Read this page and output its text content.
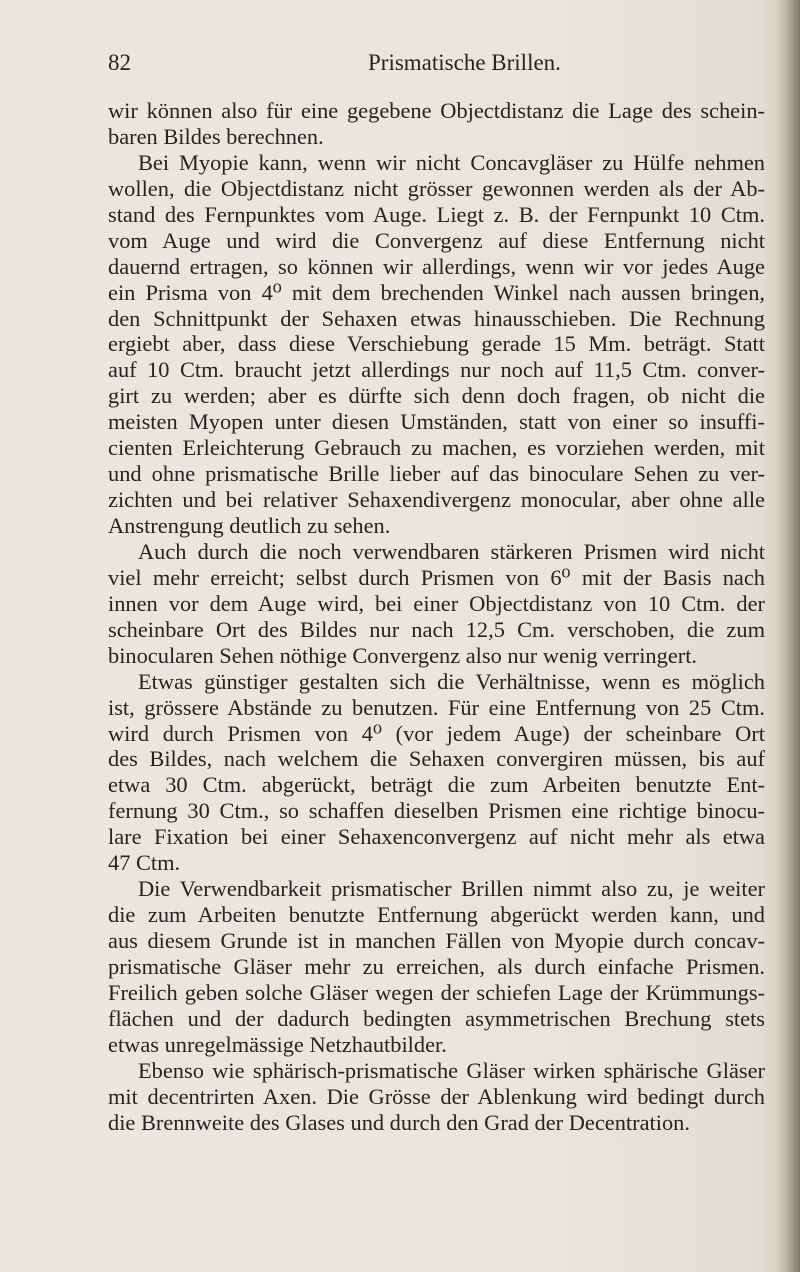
82	Prismatische Brillen.
wir können also für eine gegebene Objectdistanz die Lage des schein-
baren Bildes berechnen.
Bei Myopie kann, wenn wir nicht Concavgläser zu Hülfe nehmen
wollen, die Objectdistanz nicht grösser gewonnen werden als der Ab-
stand des Fernpunktes vom Auge. Liegt z. B. der Fernpunkt 10 Ctm.
vom Auge und wird die Convergenz auf diese Entfernung nicht
dauernd ertragen, so können wir allerdings, wenn wir vor jedes Auge
ein Prisma von 4⁰ mit dem brechenden Winkel nach aussen bringen,
den Schnittpunkt der Sehaxen etwas hinausschieben. Die Rechnung
ergiebt aber, dass diese Verschiebung gerade 15 Mm. beträgt. Statt
auf 10 Ctm. braucht jetzt allerdings nur noch auf 11,5 Ctm. conver-
girt zu werden; aber es dürfte sich denn doch fragen, ob nicht die
meisten Myopen unter diesen Umständen, statt von einer so insuffi-
cienten Erleichterung Gebrauch zu machen, es vorziehen werden, mit
und ohne prismatische Brille lieber auf das binoculare Sehen zu ver-
zichten und bei relativer Sehaxendivergenz monocular, aber ohne alle
Anstrengung deutlich zu sehen.
Auch durch die noch verwendbaren stärkeren Prismen wird nicht
viel mehr erreicht; selbst durch Prismen von 6⁰ mit der Basis nach
innen vor dem Auge wird, bei einer Objectdistanz von 10 Ctm. der
scheinbare Ort des Bildes nur nach 12,5 Cm. verschoben, die zum
binocularen Sehen nöthige Convergenz also nur wenig verringert.
Etwas günstiger gestalten sich die Verhältnisse, wenn es möglich
ist, grössere Abstände zu benutzen. Für eine Entfernung von 25 Ctm.
wird durch Prismen von 4⁰ (vor jedem Auge) der scheinbare Ort
des Bildes, nach welchem die Sehaxen convergiren müssen, bis auf
etwa 30 Ctm. abgerückt, beträgt die zum Arbeiten benutzte Ent-
fernung 30 Ctm., so schaffen dieselben Prismen eine richtige binocu-
lare Fixation bei einer Sehaxenconvergenz auf nicht mehr als etwa
47 Ctm.
Die Verwendbarkeit prismatischer Brillen nimmt also zu, je weiter
die zum Arbeiten benutzte Entfernung abgerückt werden kann, und
aus diesem Grunde ist in manchen Fällen von Myopie durch concav-
prismatische Gläser mehr zu erreichen, als durch einfache Prismen.
Freilich geben solche Gläser wegen der schiefen Lage der Krümmungs-
flächen und der dadurch bedingten asymmetrischen Brechung stets
etwas unregelmässige Netzhautbilder.
Ebenso wie sphärisch-prismatische Gläser wirken sphärische Gläser
mit decentrirten Axen. Die Grösse der Ablenkung wird bedingt durch
die Brennweite des Glases und durch den Grad der Decentration.
